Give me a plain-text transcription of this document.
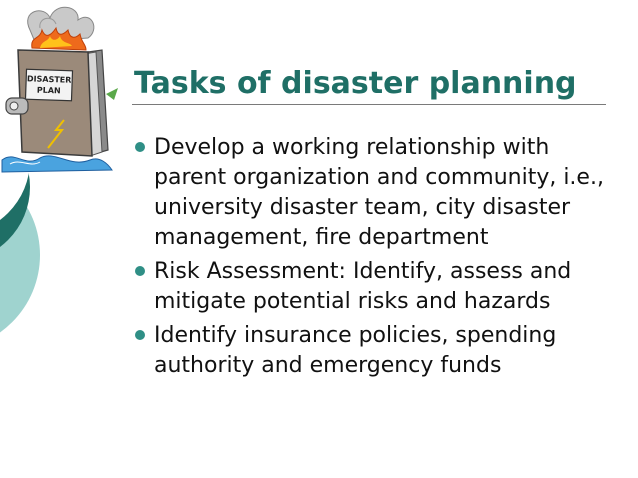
DISASTER
PLAN Tasks of disaster planning
Develop a working relationship with parent organization and community, i.e., university disaster team, city disaster management, fire department
Risk Assessment: Identify, assess and mitigate potential risks and hazards
Identify insurance policies, spending authority and emergency funds
